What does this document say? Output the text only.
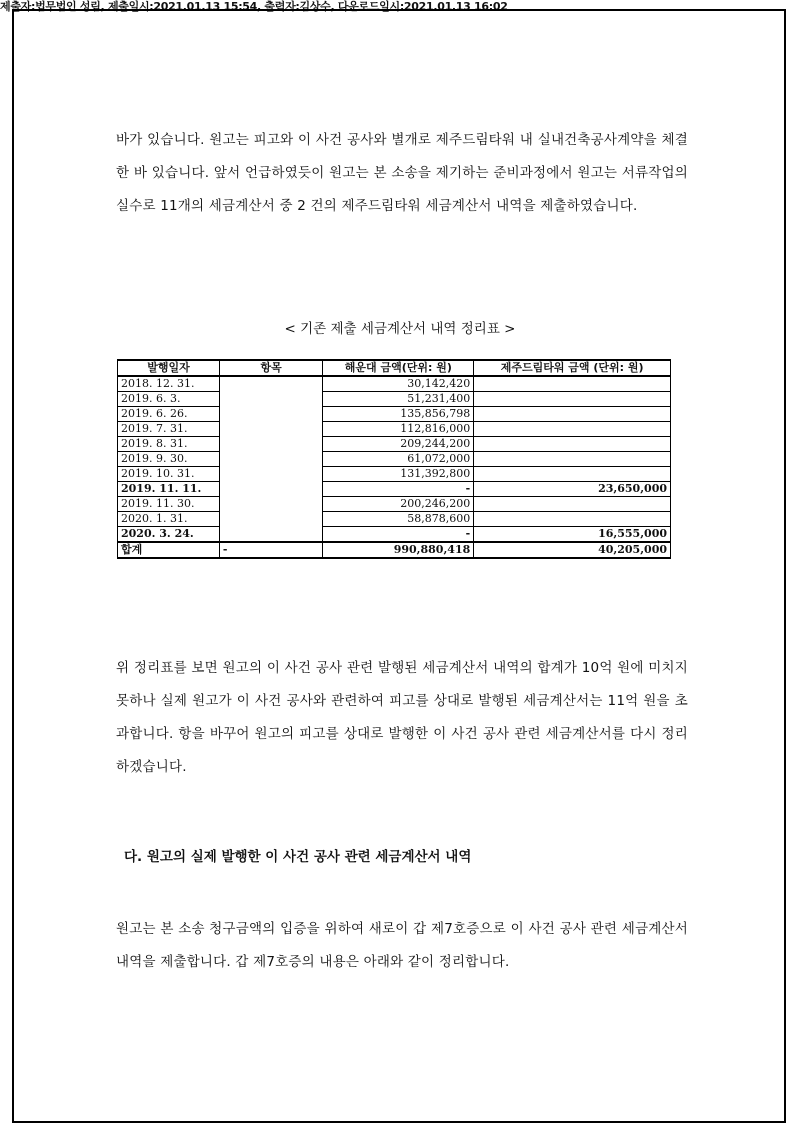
제출자:법무법인 성림, 제출일시:2021.01.13 15:54, 출력자:김상수, 다운로드일시:2021.01.13 16:02
바가 있습니다. 원고는 피고와 이 사건 공사와 별개로 제주드림타워 내 실내건축공사계약을 체결한 바 있습니다. 앞서 언급하였듯이 원고는 본 소송을 제기하는 준비과정에서 원고는 서류작업의 실수로 11개의 세금계산서 중 2 건의 제주드림타워 세금계산서 내역을 제출하였습니다.
< 기존 제출 세금계산서 내역 정리표 >
발행일자	항목	해운대 금액(단위: 원)	제주드림타워 금액 (단위: 원)
2018. 12. 31.		30,142,420	
2019. 6. 3.		51,231,400	
2019. 6. 26.		135,856,798	
2019. 7. 31.		112,816,000	
2019. 8. 31.		209,244,200	
2019. 9. 30.		61,072,000	
2019. 10. 31.		131,392,800	
2019. 11. 11.		-	23,650,000
2019. 11. 30.		200,246,200	
2020. 1. 31.		58,878,600	
2020. 3. 24.		-	16,555,000
합계	-	990,880,418	40,205,000
위 정리표를 보면 원고의 이 사건 공사 관련 발행된 세금계산서 내역의 합계가 10억 원에 미치지 못하나 실제 원고가 이 사건 공사와 관련하여 피고를 상대로 발행된 세금계산서는 11억 원을 초과합니다. 항을 바꾸어 원고의 피고를 상대로 발행한 이 사건 공사 관련 세금계산서를 다시 정리하겠습니다.
다. 원고의 실제 발행한 이 사건 공사 관련 세금계산서 내역
원고는 본 소송 청구금액의 입증을 위하여 새로이 갑 제7호증으로 이 사건 공사 관련 세금계산서 내역을 제출합니다. 갑 제7호증의 내용은 아래와 같이 정리합니다.
